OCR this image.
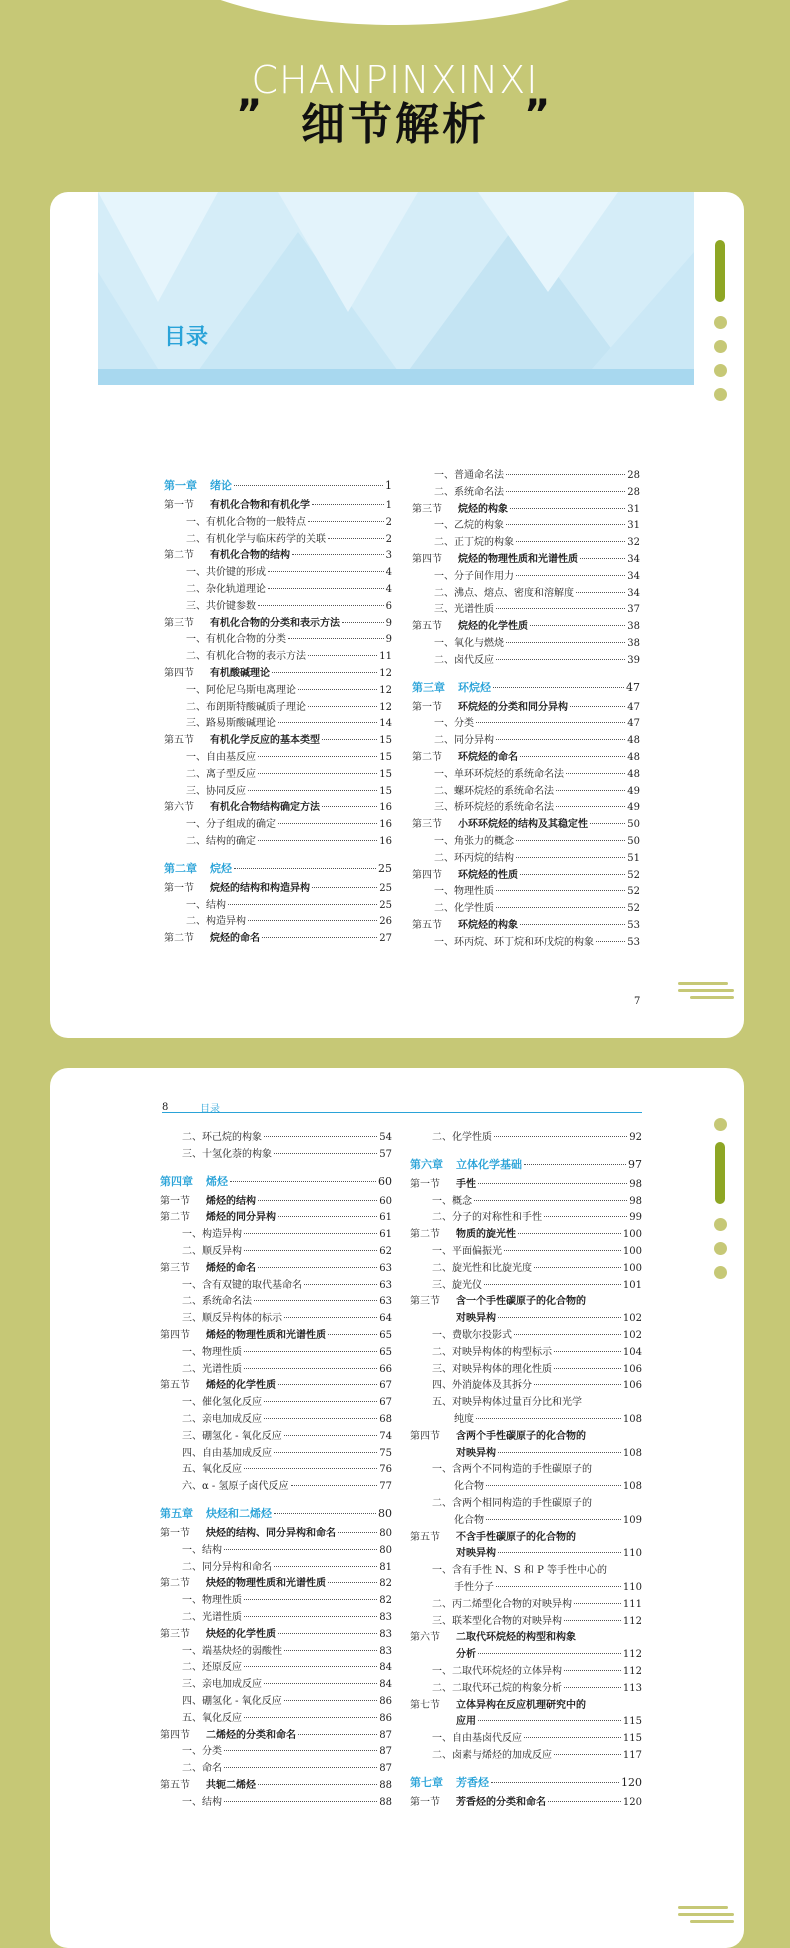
CHANPINXINXI
” 细节解析 ”
目录
第一章	绪论	1
第一节	有机化合物和有机化学	1
一、有机化合物的一般特点	2
二、有机化学与临床药学的关联	2
第二节	有机化合物的结构	3
一、共价键的形成	4
二、杂化轨道理论	4
三、共价键参数	6
第三节	有机化合物的分类和表示方法	9
一、有机化合物的分类	9
二、有机化合物的表示方法	11
第四节	有机酸碱理论	12
一、阿伦尼乌斯电离理论	12
二、布朗斯特酸碱质子理论	12
三、路易斯酸碱理论	14
第五节	有机化学反应的基本类型	15
一、自由基反应	15
二、离子型反应	15
三、协同反应	15
第六节	有机化合物结构确定方法	16
一、分子组成的确定	16
二、结构的确定	16
第二章	烷烃	25
第一节	烷烃的结构和构造异构	25
一、结构	25
二、构造异构	26
第二节	烷烃的命名	27
一、普通命名法	28
二、系统命名法	28
第三节	烷烃的构象	31
一、乙烷的构象	31
二、正丁烷的构象	32
第四节	烷烃的物理性质和光谱性质	34
一、分子间作用力	34
二、沸点、熔点、密度和溶解度	34
三、光谱性质	37
第五节	烷烃的化学性质	38
一、氧化与燃烧	38
二、卤代反应	39
第三章	环烷烃	47
第一节	环烷烃的分类和同分异构	47
一、分类	47
二、同分异构	48
第二节	环烷烃的命名	48
一、单环环烷烃的系统命名法	48
二、螺环烷烃的系统命名法	49
三、桥环烷烃的系统命名法	49
第三节	小环环烷烃的结构及其稳定性	50
一、角张力的概念	50
二、环丙烷的结构	51
第四节	环烷烃的性质	52
一、物理性质	52
二、化学性质	52
第五节	环烷烃的构象	53
一、环丙烷、环丁烷和环戊烷的构象	53
7
8	目录
二、环己烷的构象	54
三、十氢化萘的构象	57
第四章	烯烃	60
第一节	烯烃的结构	60
第二节	烯烃的同分异构	61
一、构造异构	61
二、顺反异构	62
第三节	烯烃的命名	63
一、含有双键的取代基命名	63
二、系统命名法	63
三、顺反异构体的标示	64
第四节	烯烃的物理性质和光谱性质	65
一、物理性质	65
二、光谱性质	66
第五节	烯烃的化学性质	67
一、催化氢化反应	67
二、亲电加成反应	68
三、硼氢化 - 氧化反应	74
四、自由基加成反应	75
五、氧化反应	76
六、α - 氢原子卤代反应	77
第五章	炔烃和二烯烃	80
第一节	炔烃的结构、同分异构和命名	80
一、结构	80
二、同分异构和命名	81
第二节	炔烃的物理性质和光谱性质	82
一、物理性质	82
二、光谱性质	83
第三节	炔烃的化学性质	83
一、端基炔烃的弱酸性	83
二、还原反应	84
三、亲电加成反应	84
四、硼氢化 - 氧化反应	86
五、氧化反应	86
第四节	二烯烃的分类和命名	87
一、分类	87
二、命名	87
第五节	共轭二烯烃	88
一、结构	88
二、化学性质	92
第六章	立体化学基础	97
第一节	手性	98
一、概念	98
二、分子的对称性和手性	99
第二节	物质的旋光性	100
一、平面偏振光	100
二、旋光性和比旋光度	100
三、旋光仪	101
第三节	含一个手性碳原子的化合物的
对映异构	102
一、费歇尔投影式	102
二、对映异构体的构型标示	104
三、对映异构体的理化性质	106
四、外消旋体及其拆分	106
五、对映异构体过量百分比和光学
纯度	108
第四节	含两个手性碳原子的化合物的
对映异构	108
一、含两个不同构造的手性碳原子的
化合物	108
二、含两个相同构造的手性碳原子的
化合物	109
第五节	不含手性碳原子的化合物的
对映异构	110
一、含有手性 N、S 和 P 等手性中心的
手性分子	110
二、丙二烯型化合物的对映异构	111
三、联苯型化合物的对映异构	112
第六节	二取代环烷烃的构型和构象
分析	112
一、二取代环烷烃的立体异构	112
二、二取代环己烷的构象分析	113
第七节	立体异构在反应机理研究中的
应用	115
一、自由基卤代反应	115
二、卤素与烯烃的加成反应	117
第七章	芳香烃	120
第一节	芳香烃的分类和命名	120
